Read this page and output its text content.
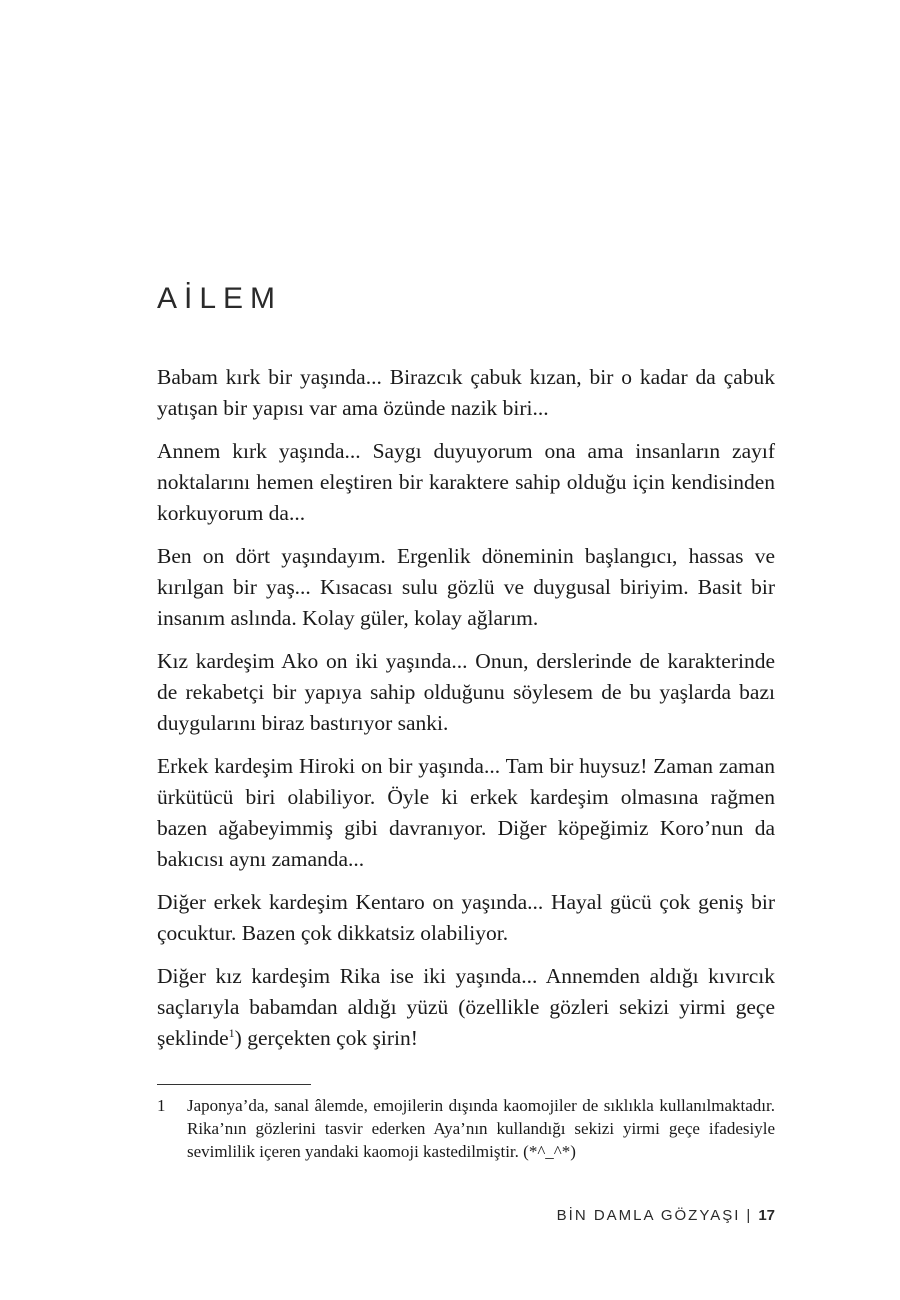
AİLEM

Babam kırk bir yaşında... Birazcık çabuk kızan, bir o kadar da çabuk yatışan bir yapısı var ama özünde nazik biri...

Annem kırk yaşında... Saygı duyuyorum ona ama insanların zayıf noktalarını hemen eleştiren bir karaktere sahip olduğu için kendisinden korkuyorum da...

Ben on dört yaşındayım. Ergenlik döneminin başlangıcı, hassas ve kırılgan bir yaş... Kısacası sulu gözlü ve duygusal biriyim. Basit bir insanım aslında. Kolay güler, kolay ağlarım.

Kız kardeşim Ako on iki yaşında... Onun, derslerinde de karakterinde de rekabetçi bir yapıya sahip olduğunu söylesem de bu yaşlarda bazı duygularını biraz bastırıyor sanki.

Erkek kardeşim Hiroki on bir yaşında... Tam bir huysuz! Zaman zaman ürkütücü biri olabiliyor. Öyle ki erkek kardeşim olmasına rağmen bazen ağabeyimmiş gibi davranıyor. Diğer köpeğimiz Koro’nun da bakıcısı aynı zamanda...

Diğer erkek kardeşim Kentaro on yaşında... Hayal gücü çok geniş bir çocuktur. Bazen çok dikkatsiz olabiliyor.

Diğer kız kardeşim Rika ise iki yaşında... Annemden aldığı kıvırcık saçlarıyla babamdan aldığı yüzü (özellikle gözleri sekizi yirmi geçe şeklinde$^1$) gerçekten çok şirin!

1	Japonya’da, sanal âlemde, emojilerin dışında kaomojiler de sıklıkla kullanılmaktadır. Rika’nın gözlerini tasvir ederken Aya’nın kullandığı sekizi yirmi geçe ifadesiyle sevimlilik içeren yandaki kaomoji kastedilmiştir. (*^_^*)
BİN DAMLA GÖZYAŞI | 17
